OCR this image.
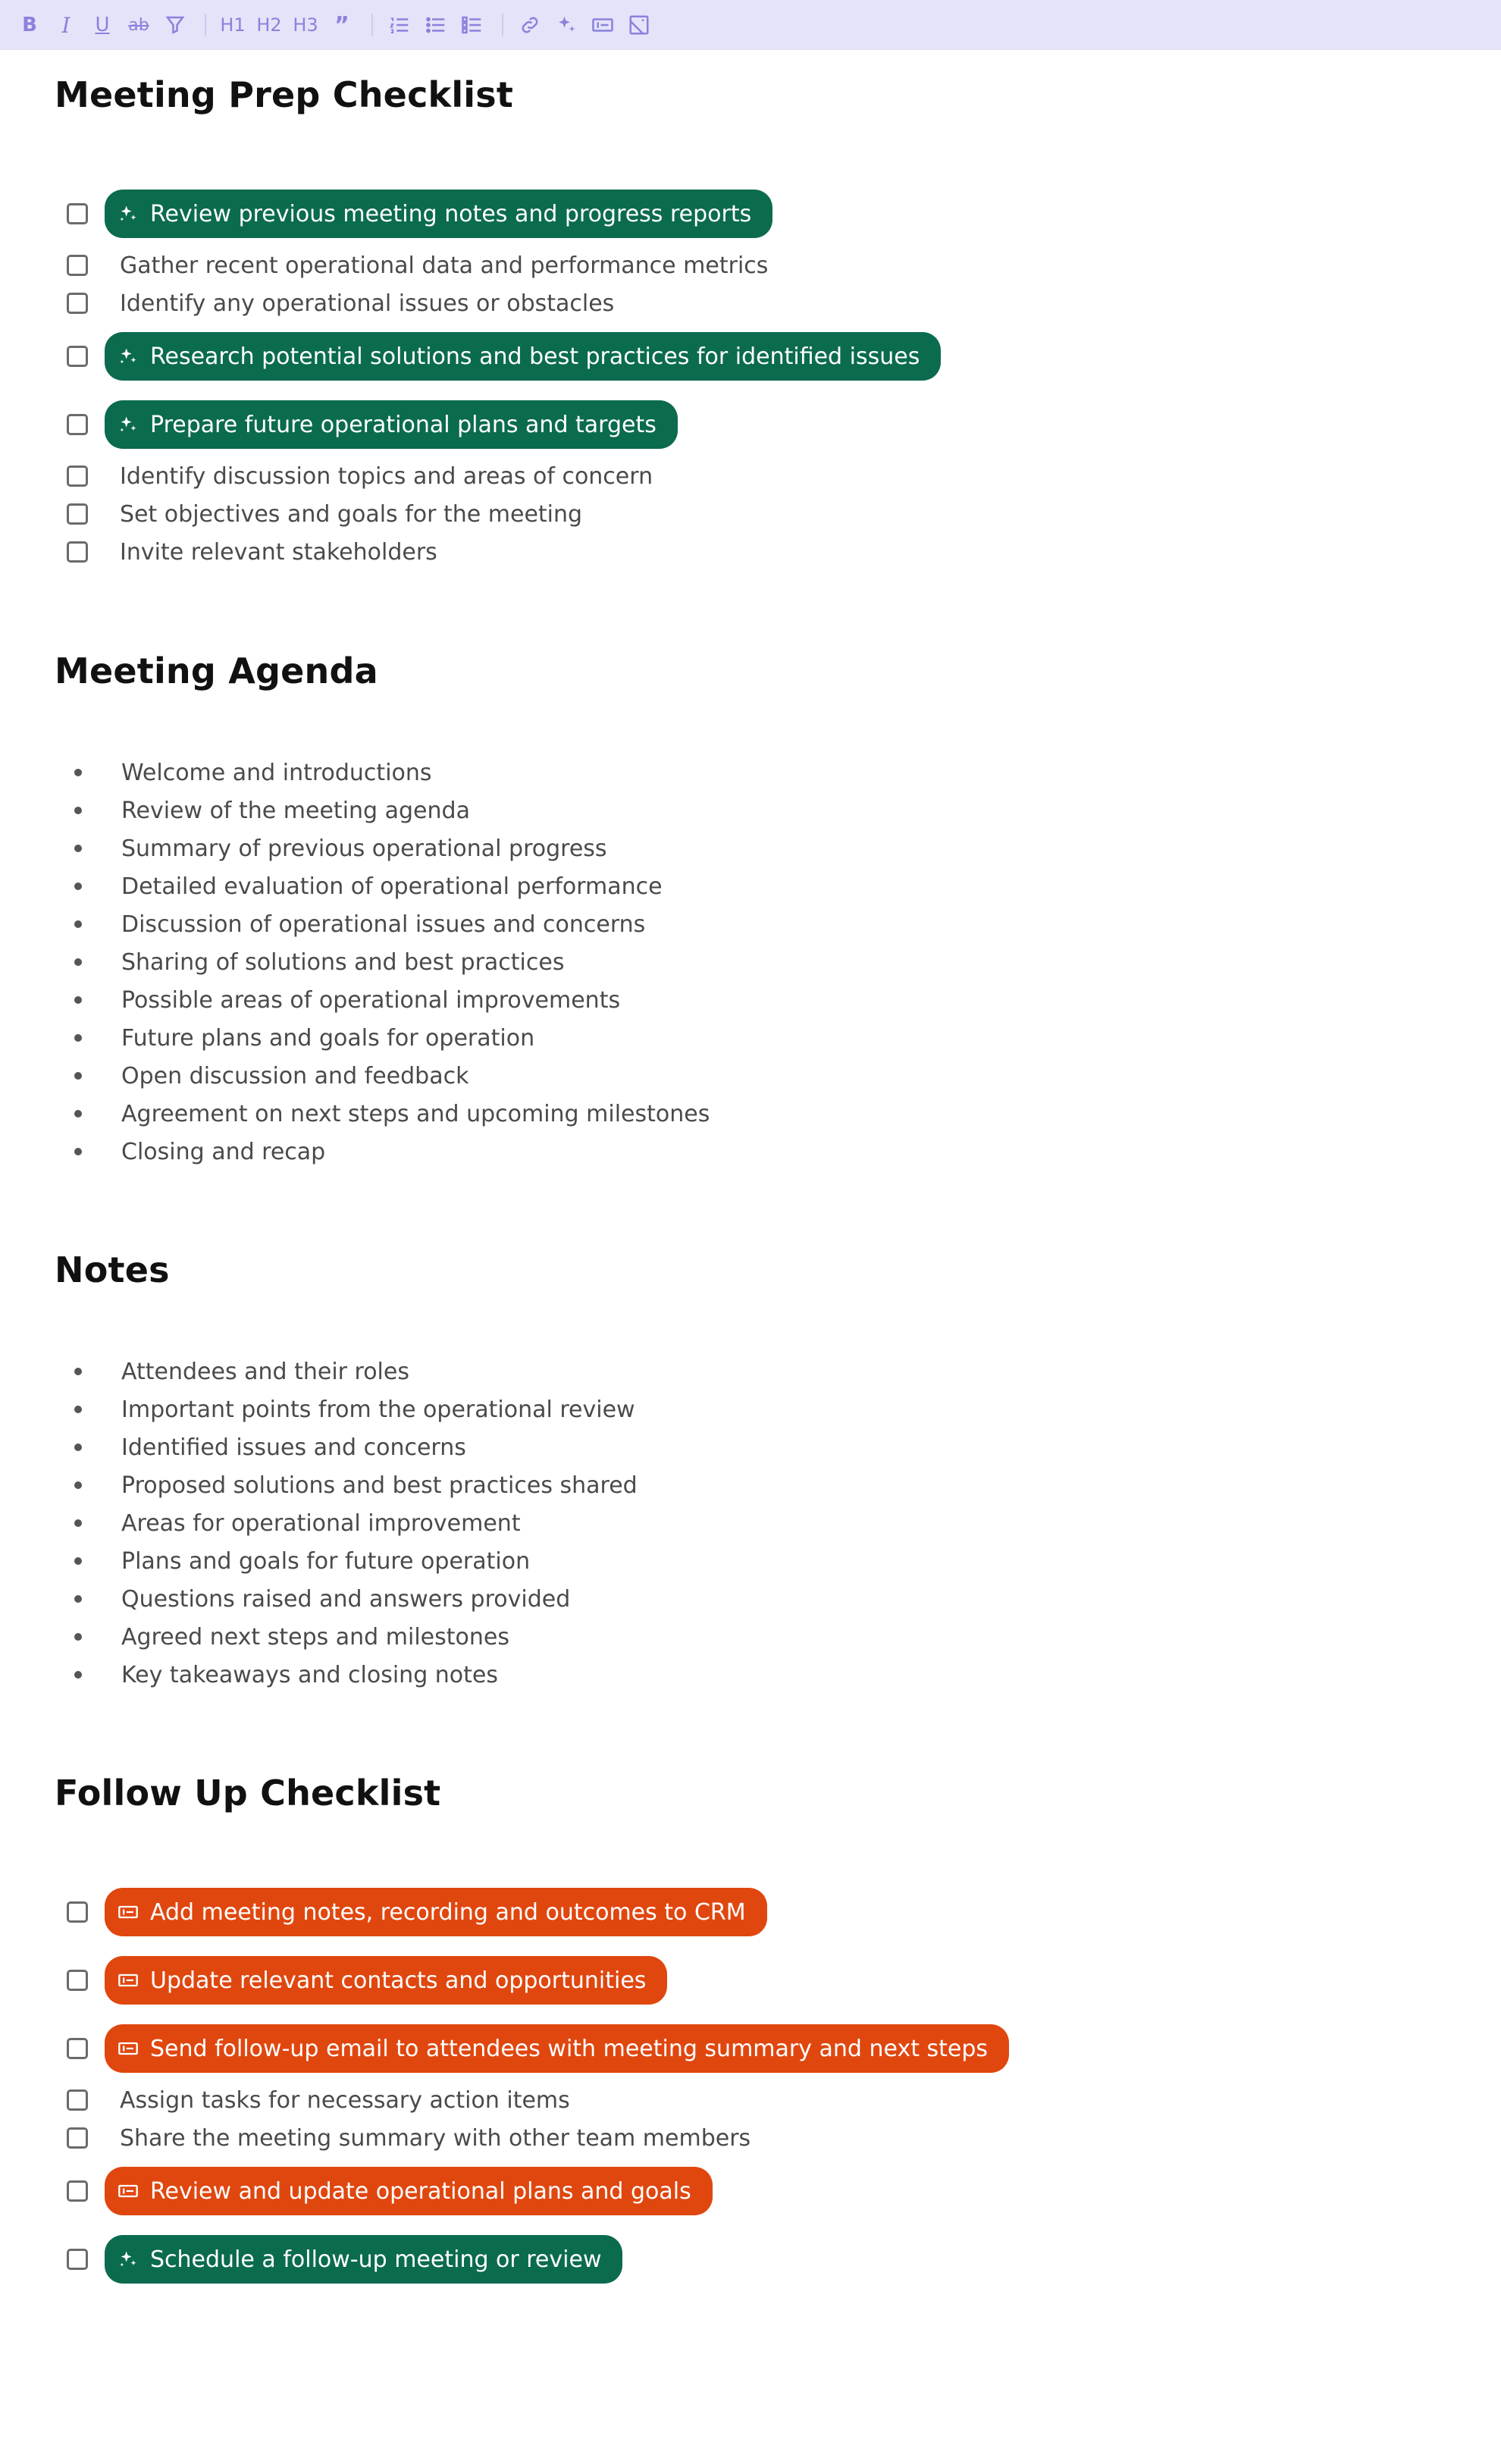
B	I	U	ab	H1 H2 H3 ”
Meeting Prep Checklist
Review previous meeting notes and progress reports
Gather recent operational data and performance metrics
Identify any operational issues or obstacles
Research potential solutions and best practices for identified issues
Prepare future operational plans and targets
Identify discussion topics and areas of concern
Set objectives and goals for the meeting
Invite relevant stakeholders
Meeting Agenda
Welcome and introductions
Review of the meeting agenda
Summary of previous operational progress
Detailed evaluation of operational performance
Discussion of operational issues and concerns
Sharing of solutions and best practices
Possible areas of operational improvements
Future plans and goals for operation
Open discussion and feedback
Agreement on next steps and upcoming milestones
Closing and recap
Notes
Attendees and their roles
Important points from the operational review
Identified issues and concerns
Proposed solutions and best practices shared
Areas for operational improvement
Plans and goals for future operation
Questions raised and answers provided
Agreed next steps and milestones
Key takeaways and closing notes
Follow Up Checklist
Add meeting notes, recording and outcomes to CRM
Update relevant contacts and opportunities
Send follow-up email to attendees with meeting summary and next steps
Assign tasks for necessary action items
Share the meeting summary with other team members
Review and update operational plans and goals
Schedule a follow-up meeting or review
